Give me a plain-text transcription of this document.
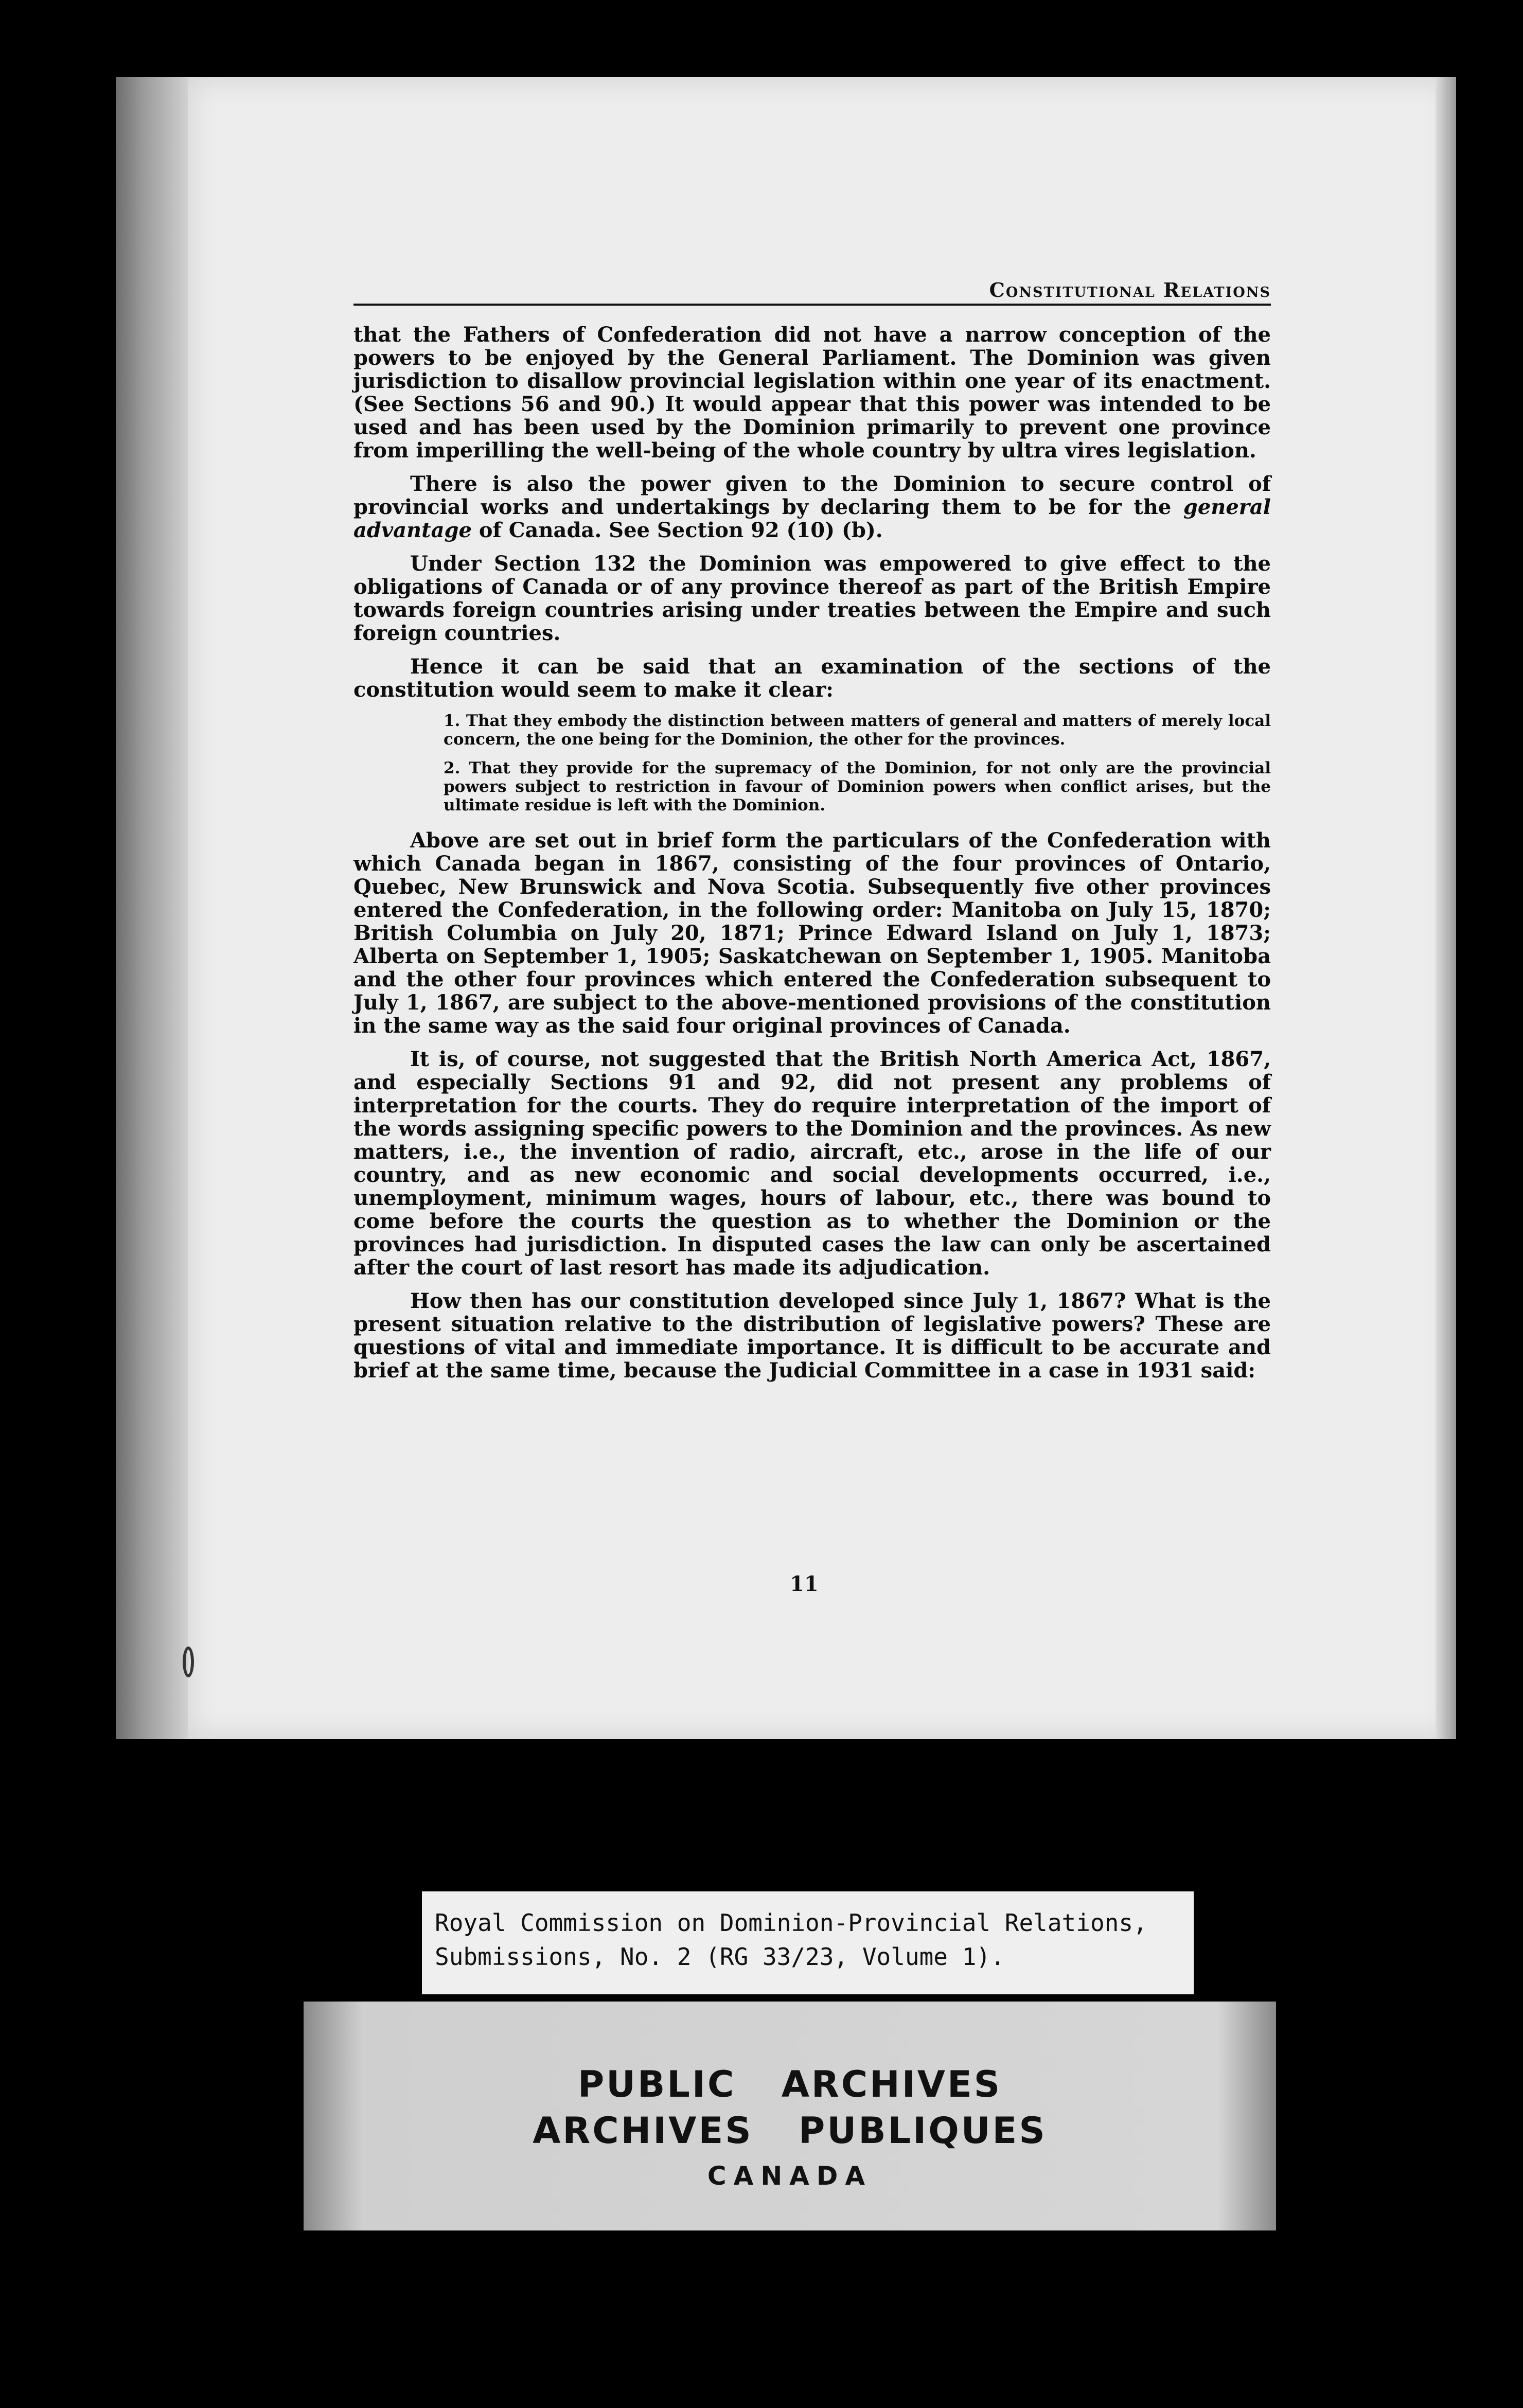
Constitutional Relations

that the Fathers of Confederation did not have a narrow conception of the powers to be enjoyed by the General Parliament. The Dominion was given jurisdiction to disallow provincial legislation within one year of its enactment. (See Sections 56 and 90.) It would appear that this power was intended to be used and has been used by the Dominion primarily to prevent one province from imperilling the well-being of the whole country by ultra vires legislation.

There is also the power given to the Dominion to secure control of provincial works and undertakings by declaring them to be for the general advantage of Canada. See Section 92 (10) (b).

Under Section 132 the Dominion was empowered to give effect to the obligations of Canada or of any province thereof as part of the British Empire towards foreign countries arising under treaties between the Empire and such foreign countries.

Hence it can be said that an examination of the sections of the constitution would seem to make it clear:

1. That they embody the distinction between matters of general and matters of merely local concern, the one being for the Dominion, the other for the provinces.
2. That they provide for the supremacy of the Dominion, for not only are the provincial powers subject to restriction in favour of Dominion powers when conflict arises, but the ultimate residue is left with the Dominion.

Above are set out in brief form the particulars of the Confederation with which Canada began in 1867, consisting of the four provinces of Ontario, Quebec, New Brunswick and Nova Scotia. Subsequently five other provinces entered the Confederation, in the following order: Manitoba on July 15, 1870; British Columbia on July 20, 1871; Prince Edward Island on July 1, 1873; Alberta on September 1, 1905; Saskatchewan on September 1, 1905. Manitoba and the other four provinces which entered the Confederation subsequent to July 1, 1867, are subject to the above-mentioned provisions of the constitution in the same way as the said four original provinces of Canada.

It is, of course, not suggested that the British North America Act, 1867, and especially Sections 91 and 92, did not present any problems of interpretation for the courts. They do require interpretation of the import of the words assigning specific powers to the Dominion and the provinces. As new matters, i.e., the invention of radio, aircraft, etc., arose in the life of our country, and as new economic and social developments occurred, i.e., unemployment, minimum wages, hours of labour, etc., there was bound to come before the courts the question as to whether the Dominion or the provinces had jurisdiction. In disputed cases the law can only be ascertained after the court of last resort has made its adjudication.

How then has our constitution developed since July 1, 1867? What is the present situation relative to the distribution of legislative powers? These are questions of vital and immediate importance. It is difficult to be accurate and brief at the same time, because the Judicial Committee in a case in 1931 said:

11
Royal Commission on Dominion-Provincial Relations,
Submissions, No. 2 (RG 33/23, Volume 1).
PUBLIC ARCHIVES
ARCHIVES PUBLIQUES
CANADA
